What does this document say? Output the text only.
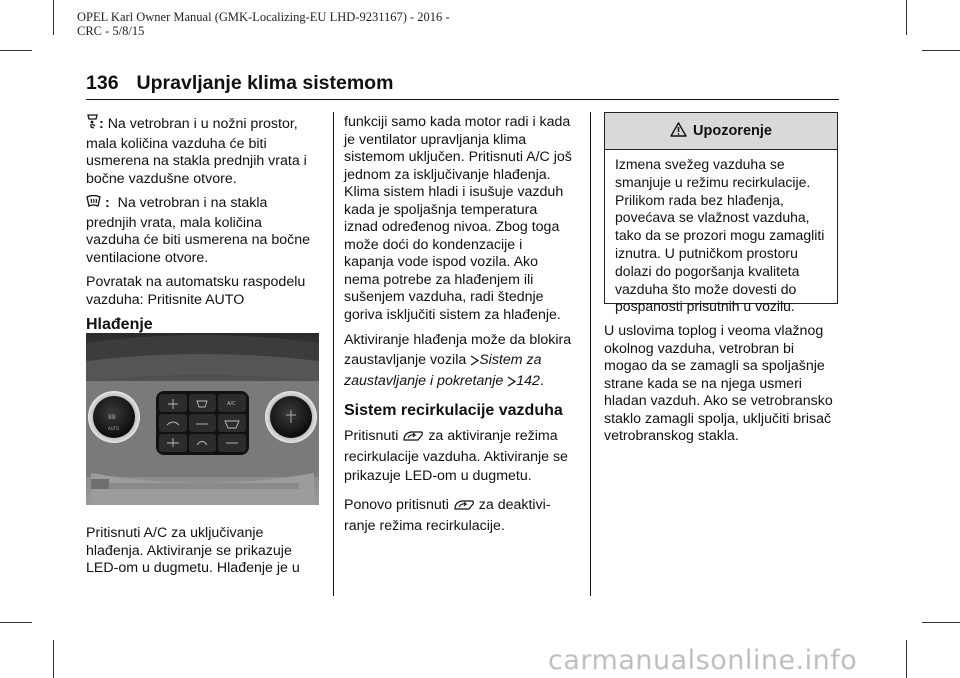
OPEL Karl Owner Manual (GMK-Localizing-EU LHD-9231167) - 2016 -
CRC - 5/8/15
136 Upravljanje klima sistemom

: Na vetrobran i u nožni prostor,
mala količina vazduha će biti
usmerena na stakla prednjih vrata i
bočne vazdušne otvore.

: Na vetrobran i na stakla
prednjih vrata, mala količina
vazduha će biti usmerena na bočne
ventilacione otvore.

Povratak na automatsku raspodelu
vazduha: Pritisnite AUTO

Hlađenje
88
AUTO
A/C

Pritisnuti A/C za uključivanje
hlađenja. Aktiviranje se prikazuje
LED-om u dugmetu. Hlađenje je u

funkciji samo kada motor radi i kada
je ventilator upravljanja klima
sistemom uključen. Pritisnuti A/C još
jednom za isključivanje hlađenja.
Klima sistem hladi i isušuje vazduh
kada je spoljašnja temperatura
iznad određenog nivoa. Zbog toga
može doći do kondenzacije i
kapanja vode ispod vozila. Ako
nema potrebe za hlađenjem ili
sušenjem vazduha, radi štednje
goriva isključiti sistem za hlađenje.

Aktiviranje hlađenja može da blokira
zaustavljanje vozila Sistem za
zaustavljanje i pokretanje 142.

Sistem recirkulacije vazduha

Pritisnuti za aktiviranje režima
recirkulacije vazduha. Aktiviranje se
prikazuje LED-om u dugmetu.

Ponovo pritisnuti za deaktivi-
ranje režima recirkulacije.

Upozorenje
Izmena svežeg vazduha se
smanjuje u režimu recirkulacije.
Prilikom rada bez hlađenja,
povećava se vlažnost vazduha,
tako da se prozori mogu zamagliti
iznutra. U putničkom prostoru
dolazi do pogoršanja kvaliteta
vazduha što može dovesti do
pospanosti prisutnih u vozilu.

U uslovima toplog i veoma vlažnog
okolnog vazduha, vetrobran bi
mogao da se zamagli sa spoljašnje
strane kada se na njega usmeri
hladan vazduh. Ako se vetrobransko
staklo zamagli spolja, uključiti brisač
vetrobranskog stakla.

carmanualsonline.info
